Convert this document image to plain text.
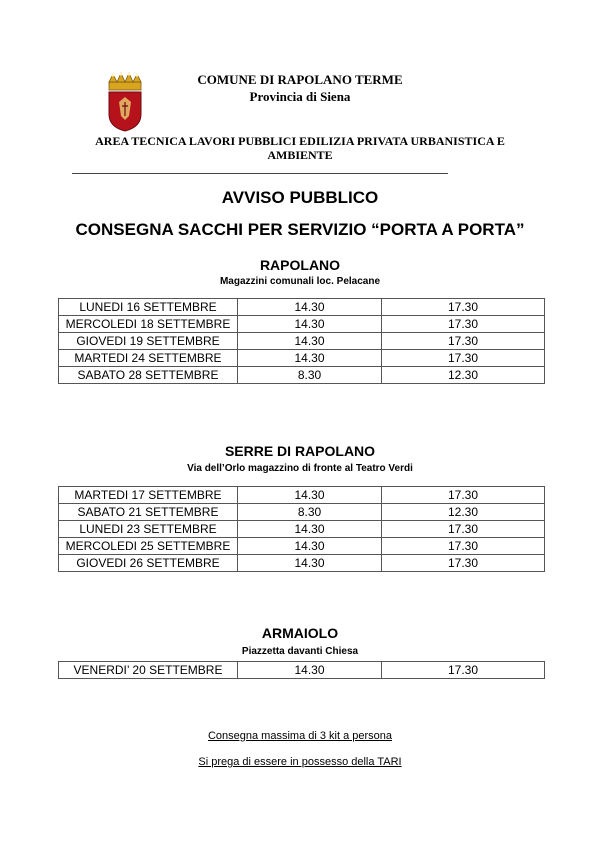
COMUNE DI RAPOLANO TERME
Provincia di Siena
AREA TECNICA LAVORI PUBBLICI EDILIZIA PRIVATA URBANISTICA E AMBIENTE
AVVISO PUBBLICO
CONSEGNA SACCHI PER SERVIZIO “PORTA A PORTA”
RAPOLANO
Magazzini comunali loc. Pelacane
LUNEDI 16 SETTEMBRE	14.30	17.30
MERCOLEDI 18 SETTEMBRE	14.30	17.30
GIOVEDI 19 SETTEMBRE	14.30	17.30
MARTEDI 24 SETTEMBRE	14.30	17.30
SABATO 28 SETTEMBRE	8.30	12.30
SERRE DI RAPOLANO
Via dell’Orlo magazzino di fronte al Teatro Verdi
MARTEDI 17 SETTEMBRE	14.30	17.30
SABATO 21 SETTEMBRE	8.30	12.30
LUNEDI 23 SETTEMBRE	14.30	17.30
MERCOLEDI 25 SETTEMBRE	14.30	17.30
GIOVEDI 26 SETTEMBRE	14.30	17.30
ARMAIOLO
Piazzetta davanti Chiesa
VENERDI’ 20 SETTEMBRE	14.30	17.30
Consegna massima di 3 kit a persona
Si prega di essere in possesso della TARI
